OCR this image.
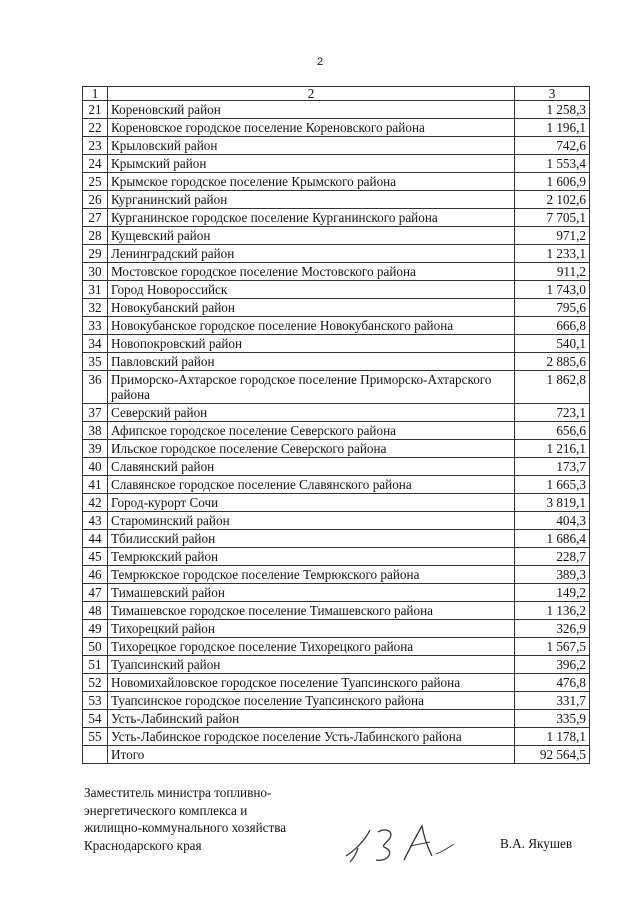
2
1	2	3
21	Кореновский район	1 258,3
22	Кореновское городское поселение Кореновского района	1 196,1
23	Крыловский район	742,6
24	Крымский район	1 553,4
25	Крымское городское поселение Крымского района	1 606,9
26	Курганинский район	2 102,6
27	Курганинское городское поселение Курганинского района	7 705,1
28	Кущевский район	971,2
29	Ленинградский район	1 233,1
30	Мостовское городское поселение Мостовского района	911,2
31	Город Новороссийск	1 743,0
32	Новокубанский район	795,6
33	Новокубанское городское поселение Новокубанского района	666,8
34	Новопокровский район	540,1
35	Павловский район	2 885,6
36	Приморско-Ахтарское городское поселение Приморско-Ахтарского района	1 862,8
37	Северский район	723,1
38	Афипское городское поселение Северского района	656,6
39	Ильское городское поселение Северского района	1 216,1
40	Славянский район	173,7
41	Славянское городское поселение Славянского района	1 665,3
42	Город-курорт Сочи	3 819,1
43	Староминский район	404,3
44	Тбилисский район	1 686,4
45	Темрюкский район	228,7
46	Темрюкское городское поселение Темрюкского района	389,3
47	Тимашевский район	149,2
48	Тимашевское городское поселение Тимашевского района	1 136,2
49	Тихорецкий район	326,9
50	Тихорецкое городское поселение Тихорецкого района	1 567,5
51	Туапсинский район	396,2
52	Новомихайловское городское поселение Туапсинского района	476,8
53	Туапсинское городское поселение Туапсинского района	331,7
54	Усть-Лабинский район	335,9
55	Усть-Лабинское городское поселение Усть-Лабинского района	1 178,1
	Итого	92 564,5
Заместитель министра топливно-
энергетического комплекса и
жилищно-коммунального хозяйства
Краснодарского края	В.А. Якушев
